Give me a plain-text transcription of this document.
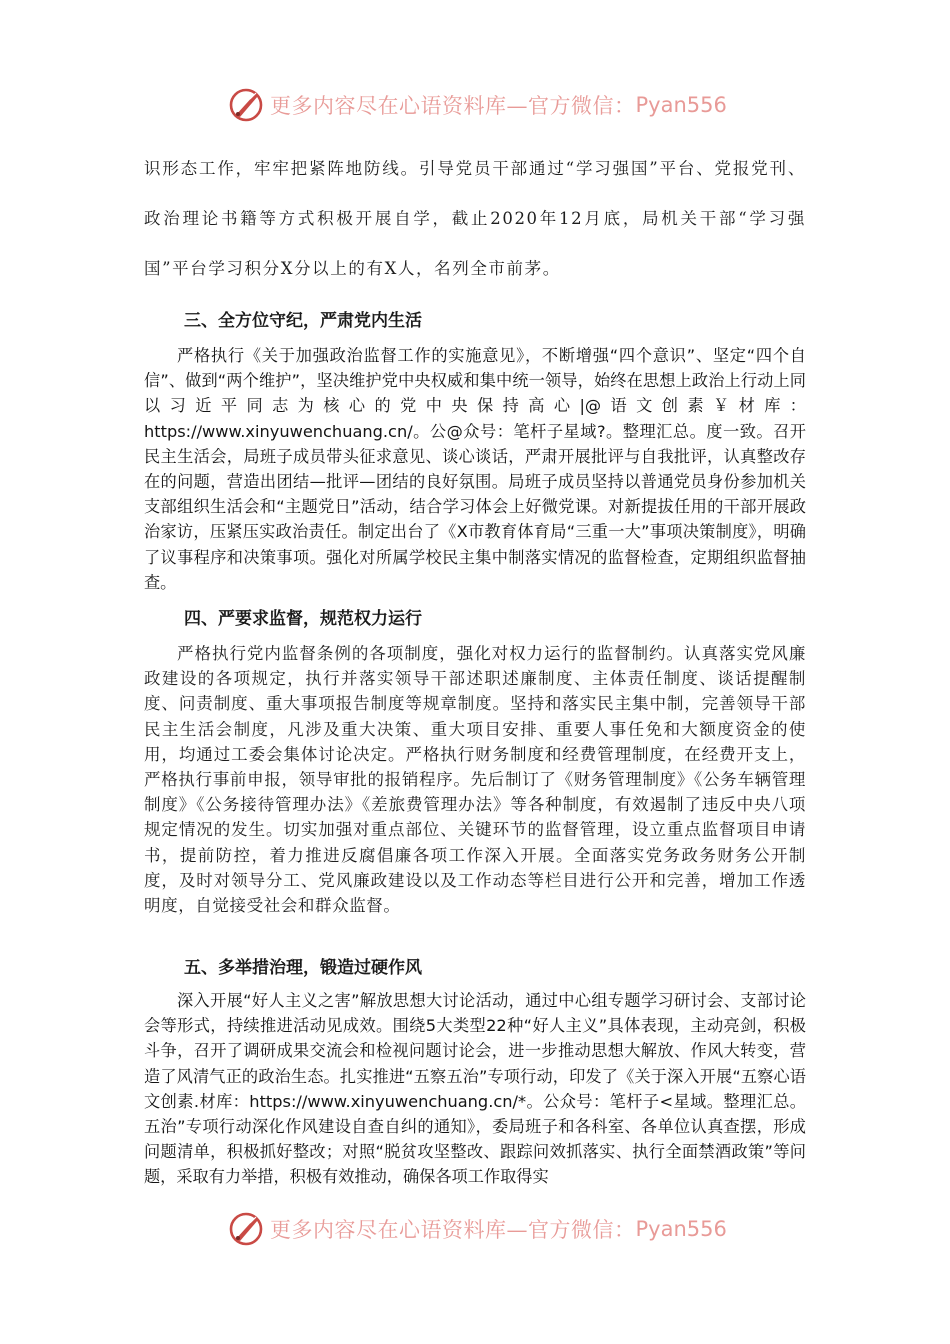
更多内容尽在心语资料库—官方微信： Pyan556
识形态工作，牢牢把紧阵地防线。引导党员干部通过“学习强国”平台、党报党刊、政治理论书籍等方式积极开展自学，截止2020年12月底，局机关干部“学习强国”平台学习积分X分以上的有X人，名列全市前茅。
三、全方位守纪，严肃党内生活
严格执行《关于加强政治监督工作的实施意见》，不断增强“四个意识”、坚定“四个自信”、做到“两个维护”，坚决维护党中央权威和集中统一领导，始终在思想上政治上行动上同以习近平同志为核心的党中央保持高心|@语文创素￥材库：https://www.xinyuwenchuang.cn/。公@众号：笔杆子星域?。整理汇总。度一致。召开民主生活会，局班子成员带头征求意见、谈心谈话，严肃开展批评与自我批评，认真整改存在的问题，营造出团结—批评—团结的良好氛围。局班子成员坚持以普通党员身份参加机关支部组织生活会和“主题党日”活动，结合学习体会上好微党课。对新提拔任用的干部开展政治家访，压紧压实政治责任。制定出台了《X市教育体育局“三重一大”事项决策制度》，明确了议事程序和决策事项。强化对所属学校民主集中制落实情况的监督检查，定期组织监督抽查。
四、严要求监督，规范权力运行
严格执行党内监督条例的各项制度，强化对权力运行的监督制约。认真落实党风廉政建设的各项规定，执行并落实领导干部述职述廉制度、主体责任制度、谈话提醒制度、问责制度、重大事项报告制度等规章制度。坚持和落实民主集中制，完善领导干部民主生活会制度，凡涉及重大决策、重大项目安排、重要人事任免和大额度资金的使用，均通过工委会集体讨论决定。严格执行财务制度和经费管理制度，在经费开支上，严格执行事前申报，领导审批的报销程序。先后制订了《财务管理制度》《公务车辆管理制度》《公务接待管理办法》《差旅费管理办法》等各种制度，有效遏制了违反中央八项规定情况的发生。切实加强对重点部位、关键环节的监督管理，设立重点监督项目申请书，提前防控，着力推进反腐倡廉各项工作深入开展。全面落实党务政务财务公开制度，及时对领导分工、党风廉政建设以及工作动态等栏目进行公开和完善，增加工作透明度，自觉接受社会和群众监督。
五、多举措治理，锻造过硬作风
深入开展“好人主义之害”解放思想大讨论活动，通过中心组专题学习研讨会、支部讨论会等形式，持续推进活动见成效。围绕5大类型22种“好人主义”具体表现，主动亮剑，积极斗争，召开了调研成果交流会和检视问题讨论会，进一步推动思想大解放、作风大转变，营造了风清气正的政治生态。扎实推进“五察五治”专项行动，印发了《关于深入开展“五察心语文创素.材库：https://www.xinyuwenchuang.cn/*。公众号：笔杆子<星域。整理汇总。五治”专项行动深化作风建设自查自纠的通知》，委局班子和各科室、各单位认真查摆，形成问题清单，积极抓好整改；对照“脱贫攻坚整改、跟踪问效抓落实、执行全面禁酒政策”等问题，采取有力举措，积极有效推动，确保各项工作取得实
更多内容尽在心语资料库—官方微信： Pyan556
